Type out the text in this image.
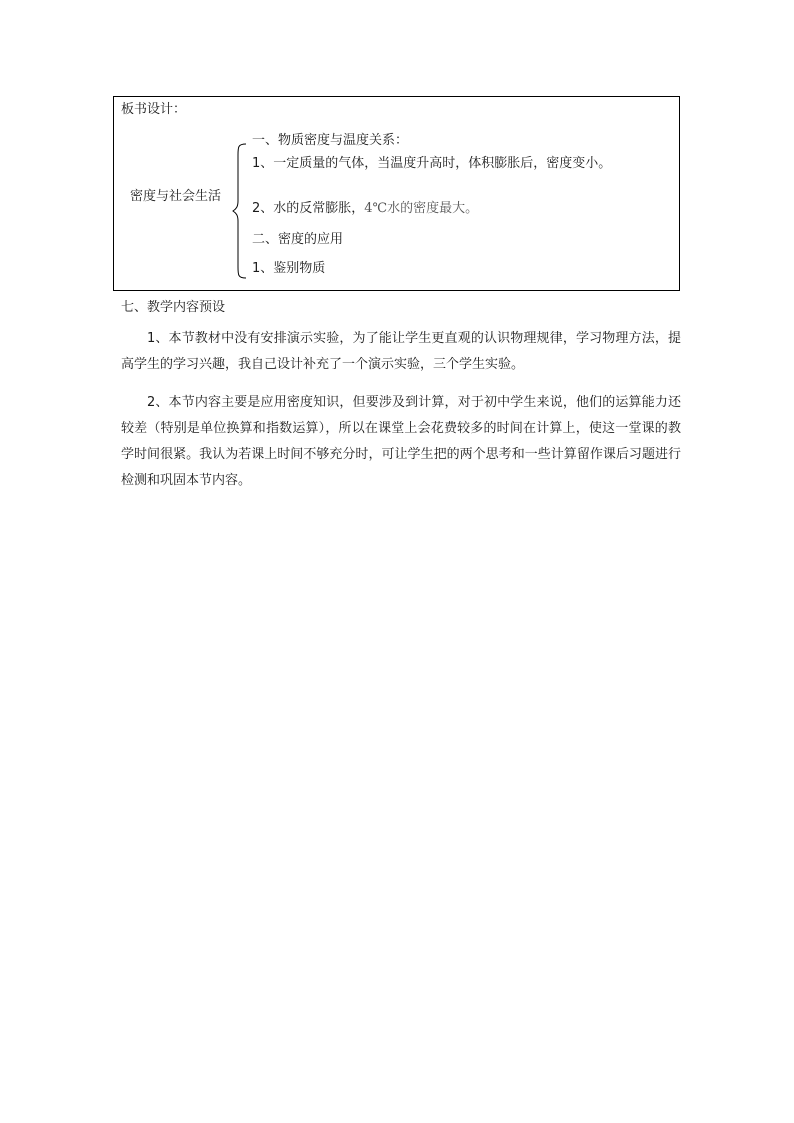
板书设计：
密度与社会生活
一、物质密度与温度关系：
1、一定质量的气体，当温度升高时，体积膨胀后，密度变小。
2、水的反常膨胀，4℃水的密度最大。
二、密度的应用
1、鉴别物质
七、教学内容预设
1、本节教材中没有安排演示实验，为了能让学生更直观的认识物理规律，学习物理方法，提高学生的学习兴趣，我自己设计补充了一个演示实验，三个学生实验。
2、本节内容主要是应用密度知识，但要涉及到计算，对于初中学生来说，他们的运算能力还较差（特别是单位换算和指数运算），所以在课堂上会花费较多的时间在计算上，使这一堂课的教学时间很紧。我认为若课上时间不够充分时，可让学生把的两个思考和一些计算留作课后习题进行检测和巩固本节内容。
